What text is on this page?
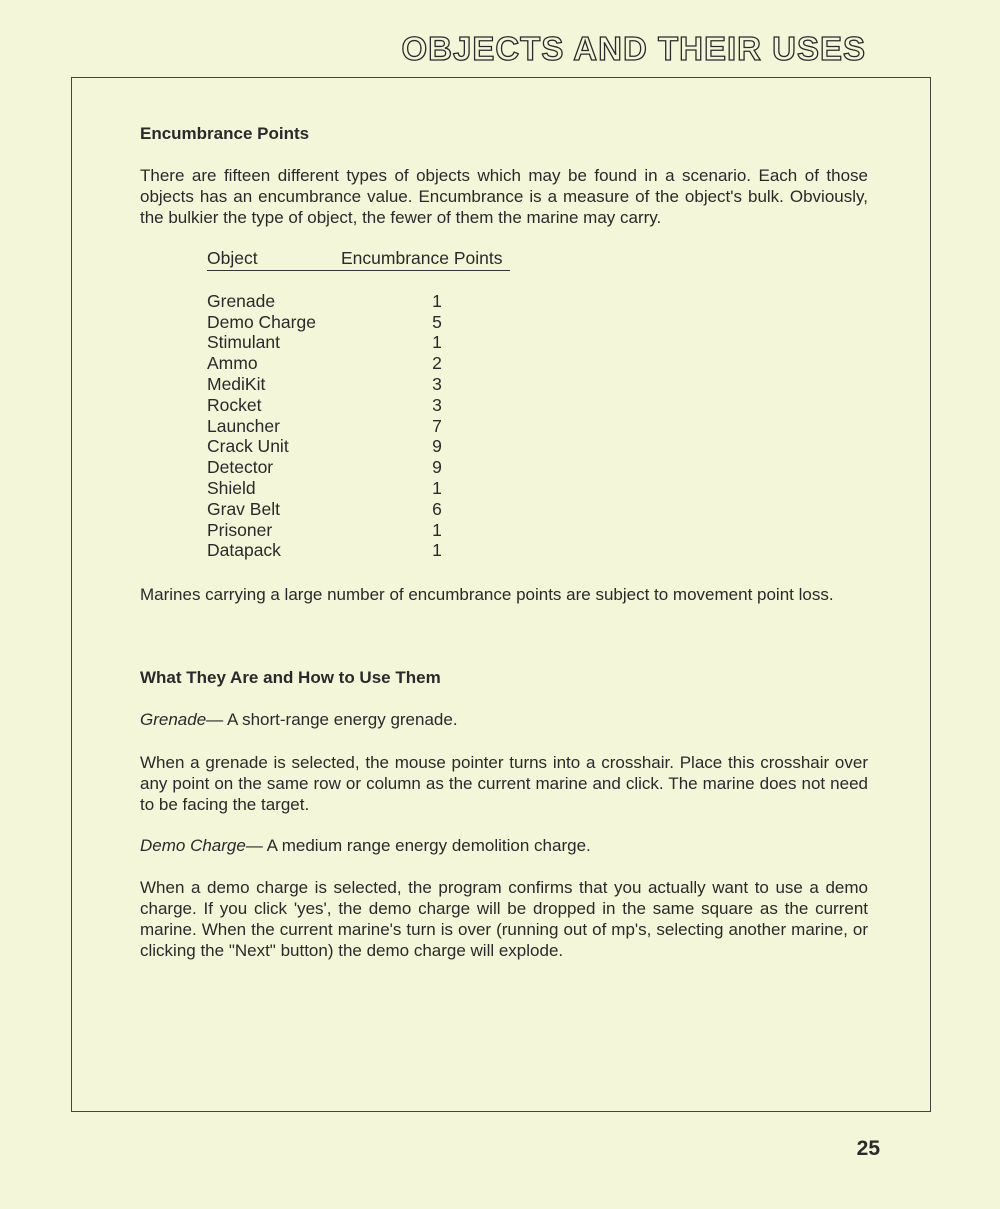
OBJECTS AND THEIR USES

Encumbrance Points

There are fifteen different types of objects which may be found in a scenario. Each of those objects has an encumbrance value. Encumbrance is a measure of the object's bulk. Obviously, the bulkier the type of object, the fewer of them the marine may carry.

Object	Encumbrance Points
Grenade	1
Demo Charge	5
Stimulant	1
Ammo	2
MediKit	3
Rocket	3
Launcher	7
Crack Unit	9
Detector	9
Shield	1
Grav Belt	6
Prisoner	1
Datapack	1

Marines carrying a large number of encumbrance points are subject to movement point loss.

What They Are and How to Use Them

Grenade— A short-range energy grenade.

When a grenade is selected, the mouse pointer turns into a crosshair. Place this crosshair over any point on the same row or column as the current marine and click. The marine does not need to be facing the target.

Demo Charge— A medium range energy demolition charge.

When a demo charge is selected, the program confirms that you actually want to use a demo charge. If you click 'yes', the demo charge will be dropped in the same square as the current marine. When the current marine's turn is over (running out of mp's, selecting another marine, or clicking the "Next" button) the demo charge will explode.

25
